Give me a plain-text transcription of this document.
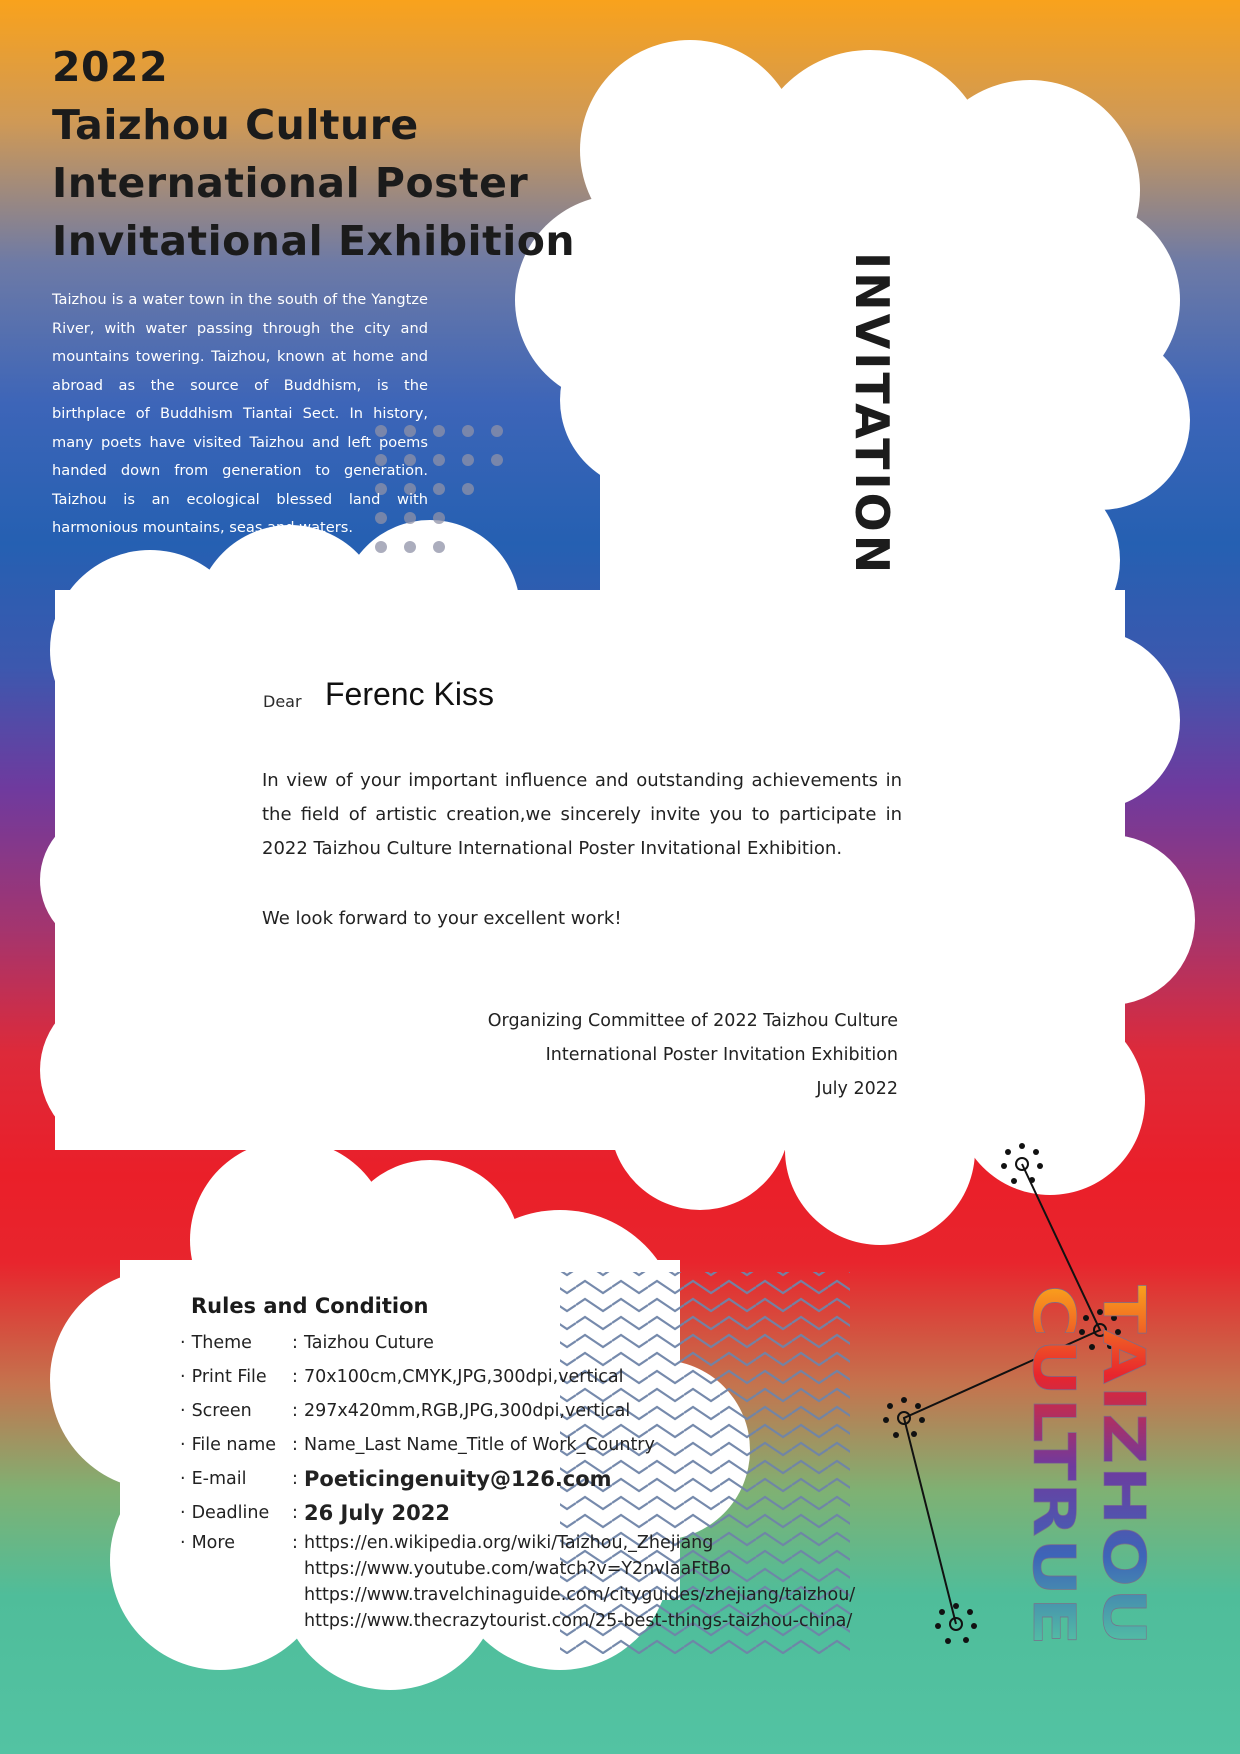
2022
Taizhou Culture
International Poster
Invitational Exhibition

Taizhou is a water town in the south of the Yangtze River, with water passing through the city and mountains towering. Taizhou, known at home and abroad as the source of Buddhism, is the birthplace of Buddhism Tiantai Sect. In history, many poets have visited Taizhou and left poems handed down from generation to generation. Taizhou is an ecological blessed land with harmonious mountains, seas and waters.	INVITATION
Dear Ferenc Kiss

In view of your important influence and outstanding achievements in the field of artistic creation,we sincerely invite you to participate in 2022 Taizhou Culture International Poster Invitational Exhibition.

We look forward to your excellent work!

Organizing Committee of 2022 Taizhou Culture
International Poster Invitation Exhibition
July 2022
Rules and Condition
· Theme	: Taizhou Cuture
· Print File	: 70x100cm,CMYK,JPG,300dpi,vertical
· Screen	: 297x420mm,RGB,JPG,300dpi,vertical
· File name : Name_Last Name_Title of Work_Country
· E-mail	: Poeticingenuity@126.com
· Deadline	: 26 July 2022
· More	: https://en.wikipedia.org/wiki/Taizhou,_Zhejiang
https://www.youtube.com/watch?v=Y2nvIaaFtBo
https://www.travelchinaguide.com/cityguides/zhejiang/taizhou/
https://www.thecrazytourist.com/25-best-things-taizhou-china/
TAIZHOU
CULTRUE
